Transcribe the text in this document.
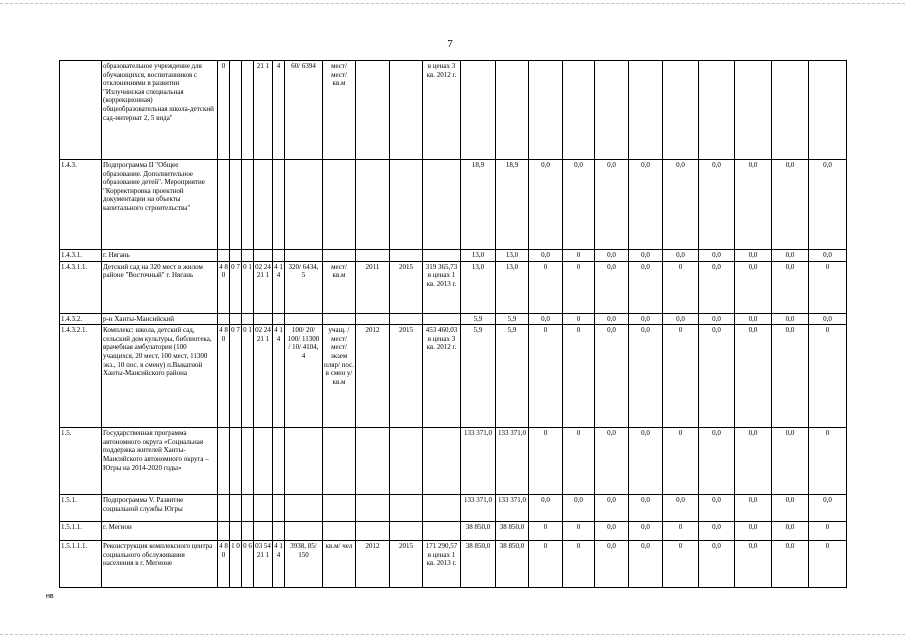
7
	образовательное учреждение для обучающихся, воспитанников с отклонениями в развитии "Излучинская специальная (коррекционная) общеобразовательная школа-детский сад-интернат 2, 5 вида"	0			21 1	4	60/ 6394	мест/ мест/ кв.м			в ценах 3 кв. 2012 г.											
1.4.3.	Подпрограмма II "Общее образование. Дополнительное образование детей". Мероприятие "Корректировка проектной документации на объекты капитального строительства"											18,9	18,9	0,0	0,0	0,0	0,0	0,0	0,0	0,0	0,0	0,0
1.4.3.1.	г. Нягань											13,0	13,0	0,0	0	0,0	0,0	0,0	0,0	0,0	0,0	0,0
1.4.3.1.1.	Детский сад на 320 мест в жилом районе "Восточный" г. Нягань	4 8 0	0 7	0 1	02 24 21 1	4 1 4	320/ 6434, 5	мест/ кв.м	2011	2015	319 365,73 в ценах 1 кв. 2013 г.	13,0	13,0	0	0	0,0	0,0	0	0,0	0,0	0,0	0
1.4.3.2.	р-н Ханты-Мансийский											5,9	5,9	0,0	0	0,0	0,0	0,0	0,0	0,0	0,0	0,0
1.4.3.2.1.	Комплекс: школа, детский сад, сельский дом культуры, библиотека, врачебная амбулатория (100 учащихся, 20 мест, 100 мест, 11300 экз., 10 пос. в смену) п.Выкатной Ханты-Мансийского района	4 8 0	0 7	0 1	02 24 21 1	4 1 4	100/ 20/ 100/ 11300 / 10/ 4104, 4	учащ. / мест/ мест/ экзем пляр/ пос. в смен у/ кв.м	2012	2015	453 460,03 в ценах 3 кв. 2012 г.	5,9	5,9	0	0	0,0	0,0	0	0,0	0,0	0,0	0
1.5.	Государственная программа автономного округа «Социальная поддержка жителей Ханты-Мансийского автономного округа – Югры на 2014-2020 годы»											133 371,0	133 371,0	0	0	0,0	0,0	0	0,0	0,0	0,0	0
1.5.1.	Подпрограмма V. Развитие социальной службы Югры											133 371,0	133 371,0	0,0	0,0	0,0	0,0	0,0	0,0	0,0	0,0	0,0
1.5.1.1.	г. Мегион											38 850,0	38 850,0	0	0	0,0	0,0	0	0,0	0,0	0,0	0
1.5.1.1.1.	Реконструкция комплексного центра социального обслуживания населения в г. Мегионе	4 8 0	1 0	0 6	03 54 21 1	4 1 4	3938, 85/ 150	кв.м/ чел	2012	2015	171 290,57 в ценах 1 кв. 2013 г.	38 850,0	38 850,0	0	0	0,0	0,0	0	0,0	0,0	0,0	0
нв
